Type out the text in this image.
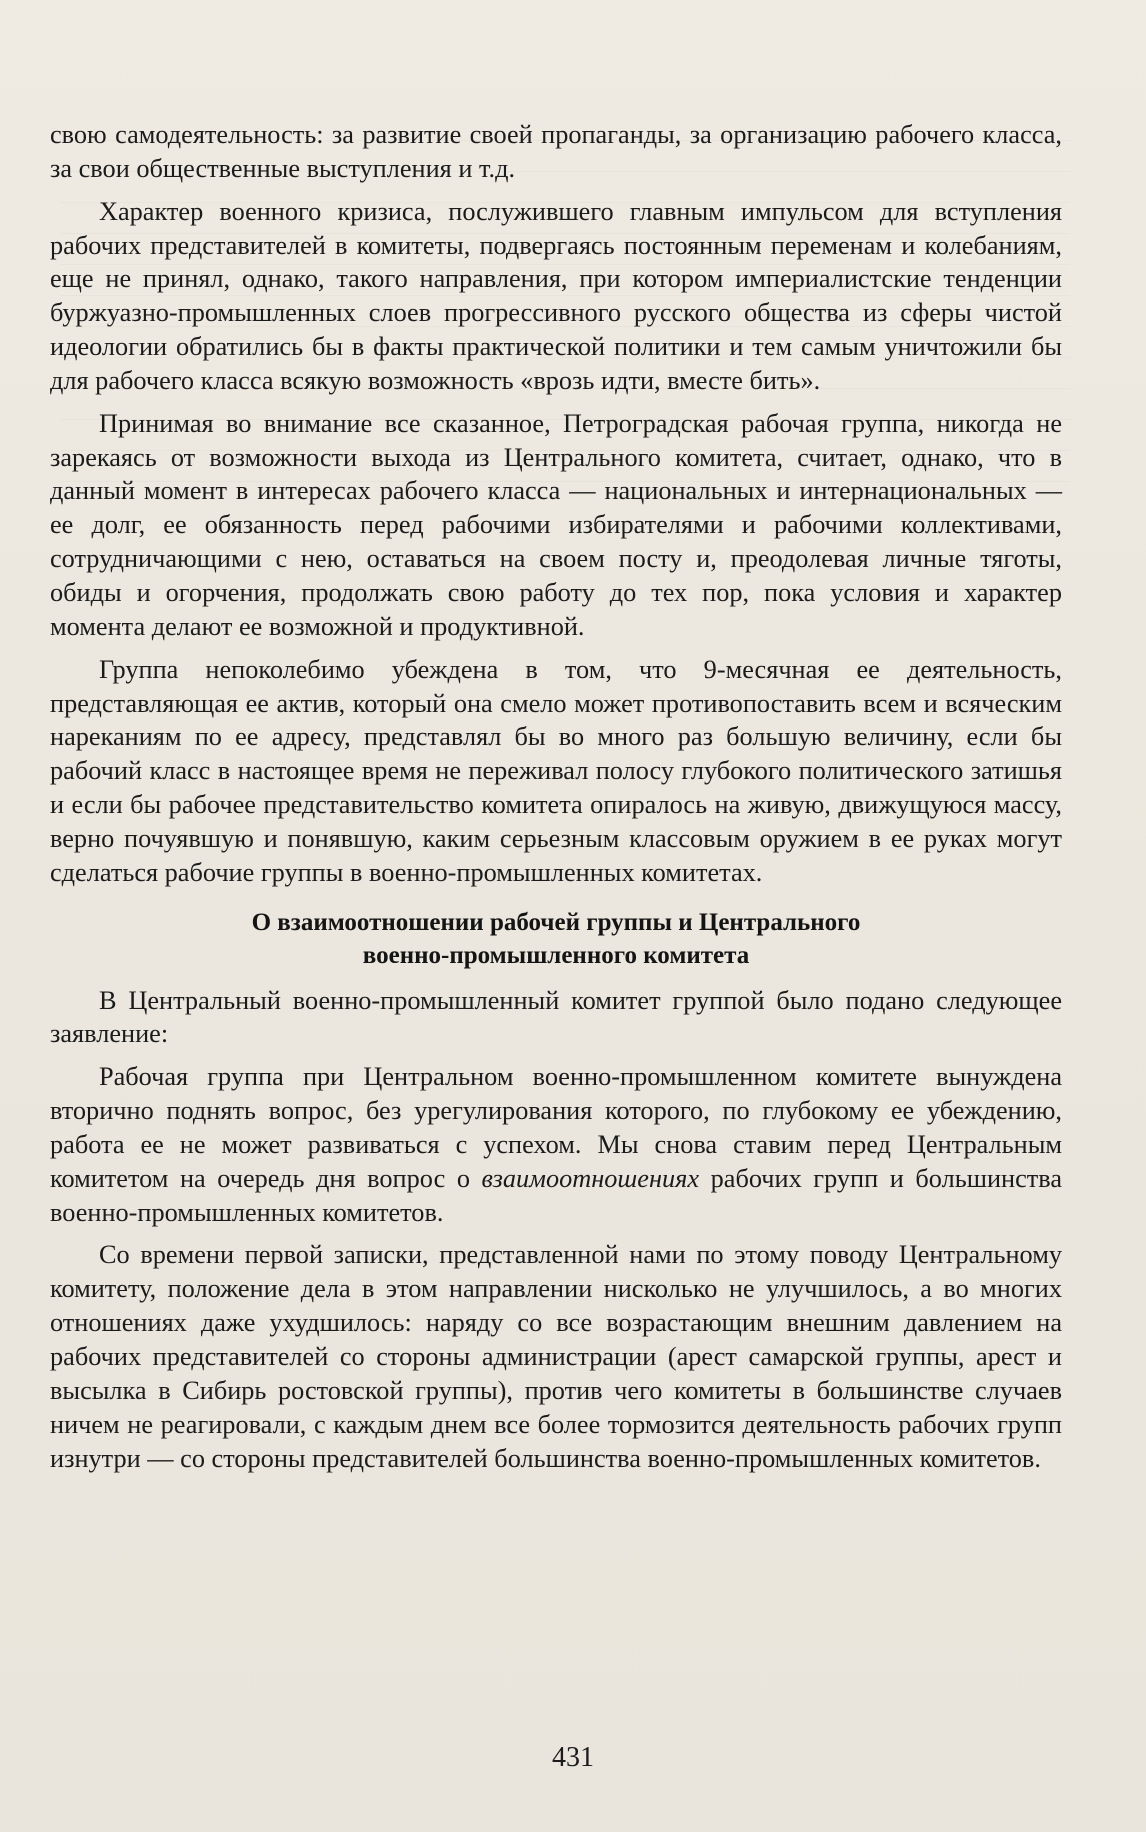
свою самодеятельность: за развитие своей пропаганды, за организацию рабочего класса, за свои общественные выступления и т.д.

Характер военного кризиса, послужившего главным импульсом для вступления рабочих представителей в комитеты, подвергаясь постоянным переменам и колебаниям, еще не принял, однако, такого направления, при котором империалистские тенденции буржуазно-промышленных слоев прогрессивного русского общества из сферы чистой идеологии обратились бы в факты практической политики и тем самым уничтожили бы для рабочего класса всякую возможность «врозь идти, вместе бить».

Принимая во внимание все сказанное, Петроградская рабочая группа, никогда не зарекаясь от возможности выхода из Центрального комитета, считает, однако, что в данный момент в интересах рабочего класса — национальных и интернациональных — ее долг, ее обязанность перед рабочими избирателями и рабочими коллективами, сотрудничающими с нею, оставаться на своем посту и, преодолевая личные тяготы, обиды и огорчения, продолжать свою работу до тех пор, пока условия и характер момента делают ее возможной и продуктивной.

Группа непоколебимо убеждена в том, что 9-месячная ее деятельность, представляющая ее актив, который она смело может противопоставить всем и всяческим нареканиям по ее адресу, представлял бы во много раз большую величину, если бы рабочий класс в настоящее время не переживал полосу глубокого политического затишья и если бы рабочее представительство комитета опиралось на живую, движущуюся массу, верно почуявшую и понявшую, каким серьезным классовым оружием в ее руках могут сделаться рабочие группы в военно-промышленных комитетах.

О взаимоотношении рабочей группы и Центрального
военно-промышленного комитета

В Центральный военно-промышленный комитет группой было подано следующее заявление:

Рабочая группа при Центральном военно-промышленном комитете вынуждена вторично поднять вопрос, без урегулирования которого, по глубокому ее убеждению, работа ее не может развиваться с успехом. Мы снова ставим перед Центральным комитетом на очередь дня вопрос о взаимоотношениях рабочих групп и большинства военно-промышленных комитетов.

Со времени первой записки, представленной нами по этому поводу Центральному комитету, положение дела в этом направлении нисколько не улучшилось, а во многих отношениях даже ухудшилось: наряду со все возрастающим внешним давлением на рабочих представителей со стороны администрации (арест самарской группы, арест и высылка в Сибирь ростовской группы), против чего комитеты в большинстве случаев ничем не реагировали, с каждым днем все более тормозится деятельность рабочих групп изнутри — со стороны представителей большинства военно-промышленных комитетов.

431
